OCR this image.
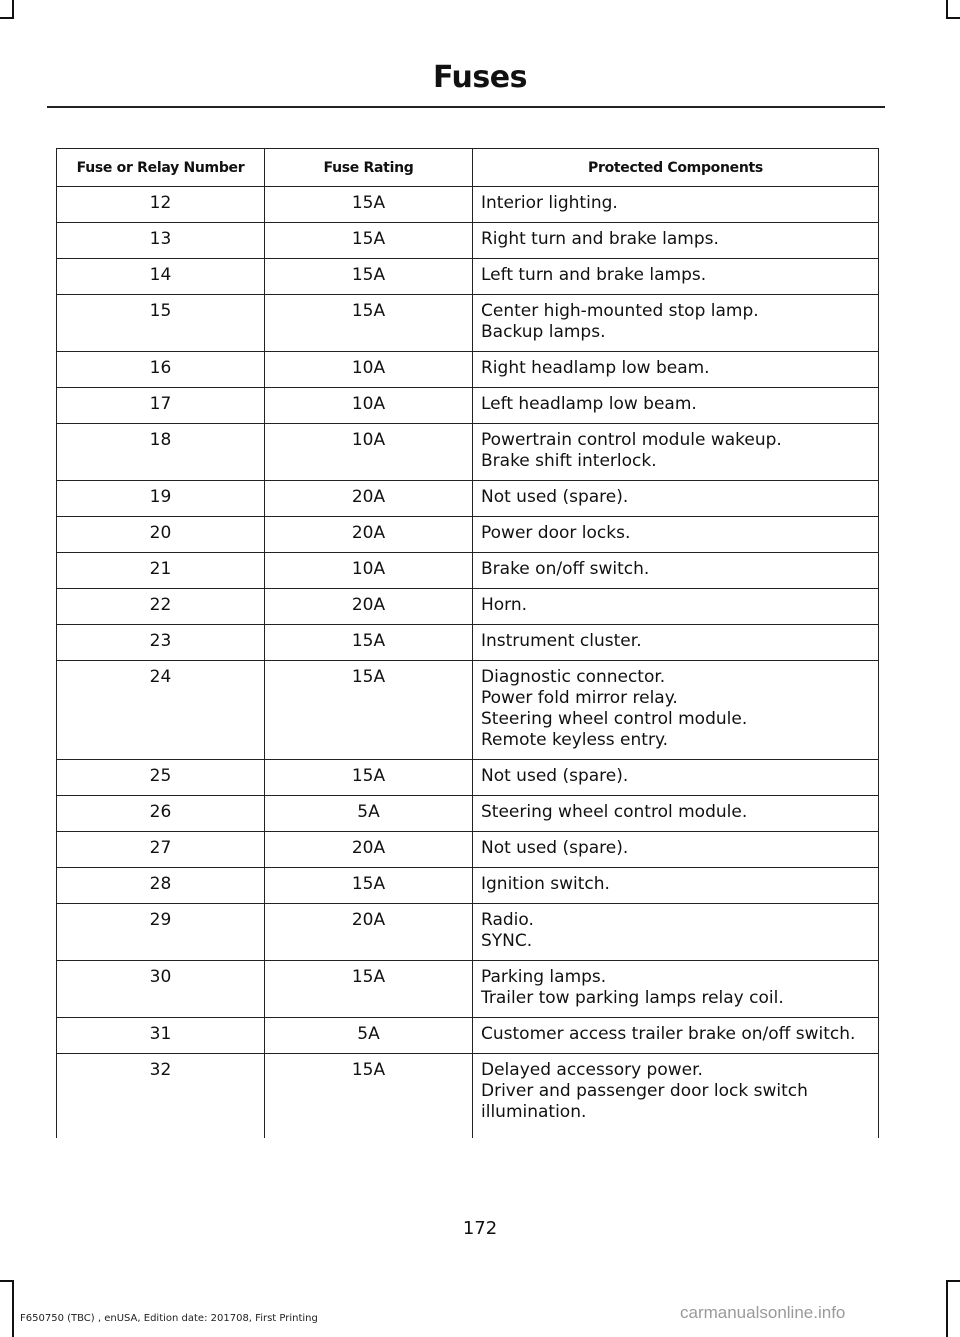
Fuses
Fuse or Relay Number	Fuse Rating	Protected Components
12	15A	Interior lighting.

13	15A	Right turn and brake lamps.

14	15A	Left turn and brake lamps.

15	15A	Center high-mounted stop lamp.
Backup lamps.

16	10A	Right headlamp low beam.

17	10A	Left headlamp low beam.

18	10A	Powertrain control module wakeup.
Brake shift interlock.

19	20A	Not used (spare).

20	20A	Power door locks.

21	10A	Brake on/off switch.

22	20A	Horn.

23	15A	Instrument cluster.

24	15A	Diagnostic connector.
Power fold mirror relay.
Steering wheel control module.
Remote keyless entry.

25	15A	Not used (spare).

26	5A	Steering wheel control module.

27	20A	Not used (spare).

28	15A	Ignition switch.

29	20A	Radio.
SYNC.

30	15A	Parking lamps.
Trailer tow parking lamps relay coil.

31	5A	Customer access trailer brake on/off switch.

32	15A	Delayed accessory power.
Driver and passenger door lock switch illumination.
172
F650750 (TBC) , enUSA, Edition date: 201708, First Printing	carmanualsonline.info
